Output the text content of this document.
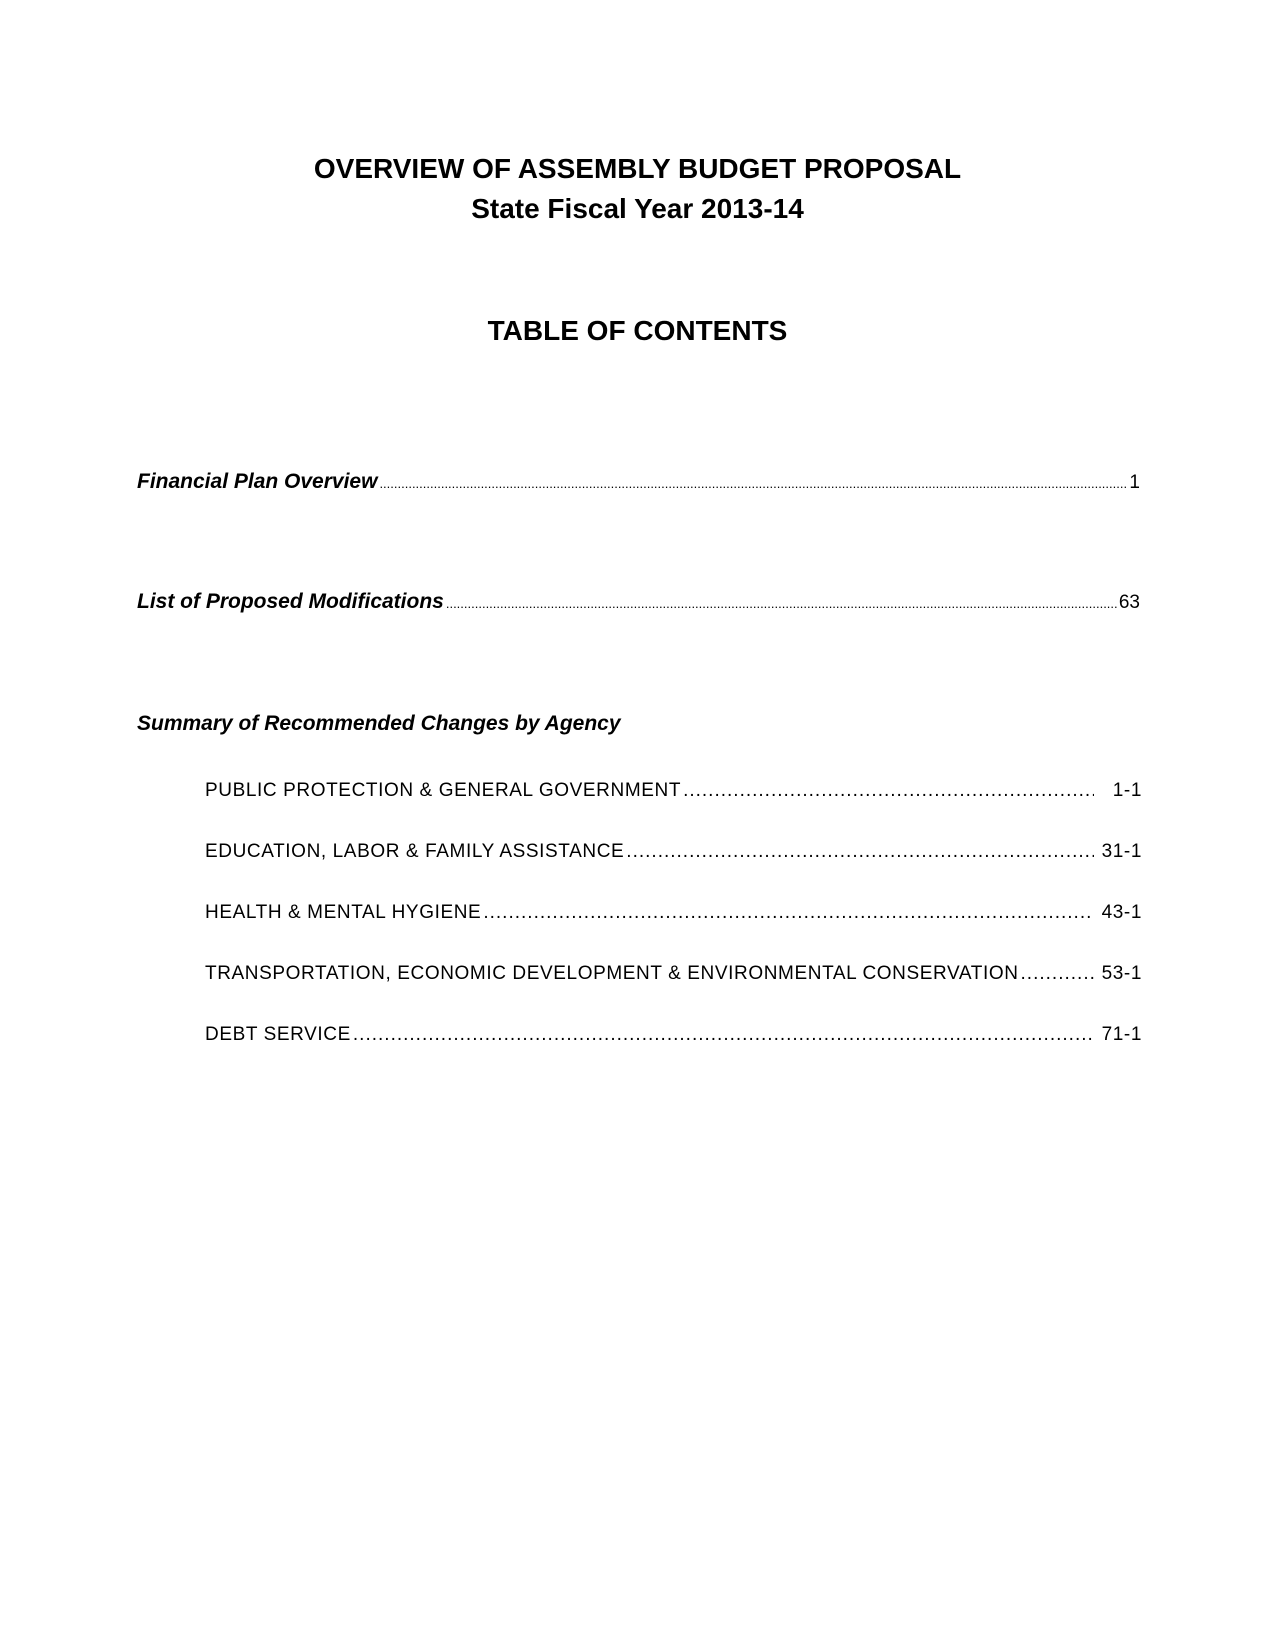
OVERVIEW OF ASSEMBLY BUDGET PROPOSAL
State Fiscal Year 2013-14
TABLE OF CONTENTS
Financial Plan Overview .....	1
List of Proposed Modifications .....	63
Summary of Recommended Changes by Agency
PUBLIC PROTECTION & GENERAL GOVERNMENT .....	1-1
EDUCATION, LABOR & FAMILY ASSISTANCE .....	31-1
HEALTH & MENTAL HYGIENE .....	43-1
TRANSPORTATION, ECONOMIC DEVELOPMENT & ENVIRONMENTAL CONSERVATION .....	53-1
DEBT SERVICE .....	71-1
